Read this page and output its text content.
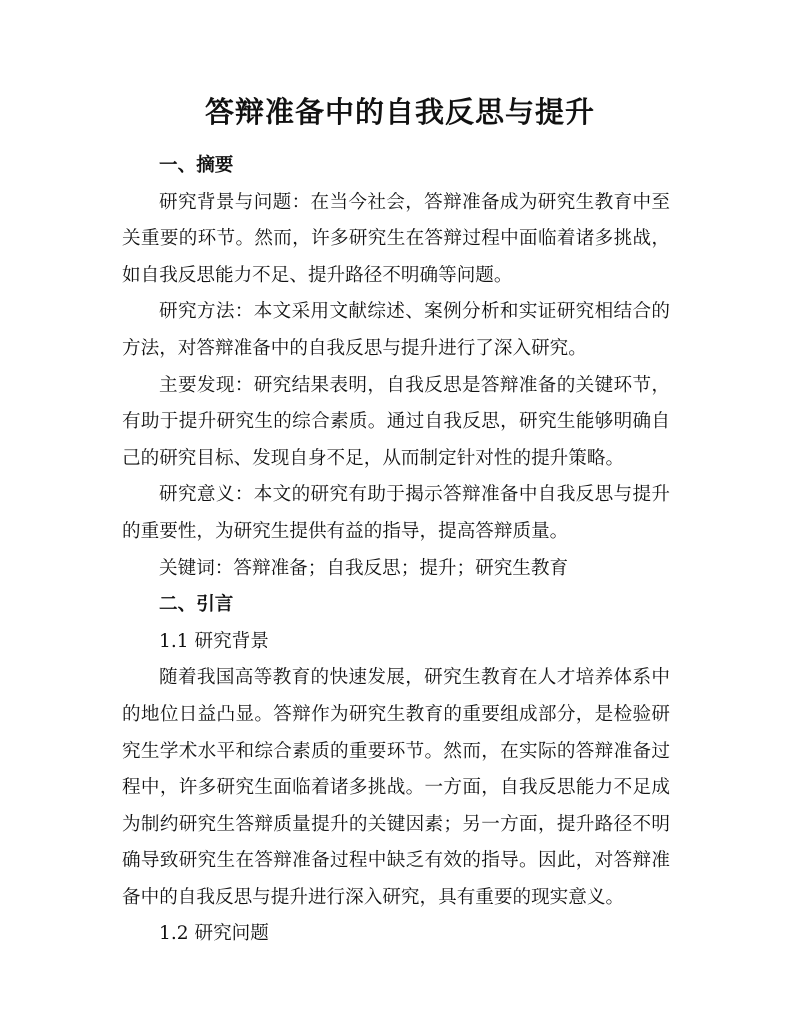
答辩准备中的自我反思与提升

一、摘要

研究背景与问题：在当今社会，答辩准备成为研究生教育中至关重要的环节。然而，许多研究生在答辩过程中面临着诸多挑战，如自我反思能力不足、提升路径不明确等问题。

研究方法：本文采用文献综述、案例分析和实证研究相结合的方法，对答辩准备中的自我反思与提升进行了深入研究。

主要发现：研究结果表明，自我反思是答辩准备的关键环节，有助于提升研究生的综合素质。通过自我反思，研究生能够明确自己的研究目标、发现自身不足，从而制定针对性的提升策略。

研究意义：本文的研究有助于揭示答辩准备中自我反思与提升的重要性，为研究生提供有益的指导，提高答辩质量。

关键词：答辩准备；自我反思；提升；研究生教育

二、引言

1.1 研究背景

随着我国高等教育的快速发展，研究生教育在人才培养体系中的地位日益凸显。答辩作为研究生教育的重要组成部分，是检验研究生学术水平和综合素质的重要环节。然而，在实际的答辩准备过程中，许多研究生面临着诸多挑战。一方面，自我反思能力不足成为制约研究生答辩质量提升的关键因素；另一方面，提升路径不明确导致研究生在答辩准备过程中缺乏有效的指导。因此，对答辩准备中的自我反思与提升进行深入研究，具有重要的现实意义。

1.2 研究问题
